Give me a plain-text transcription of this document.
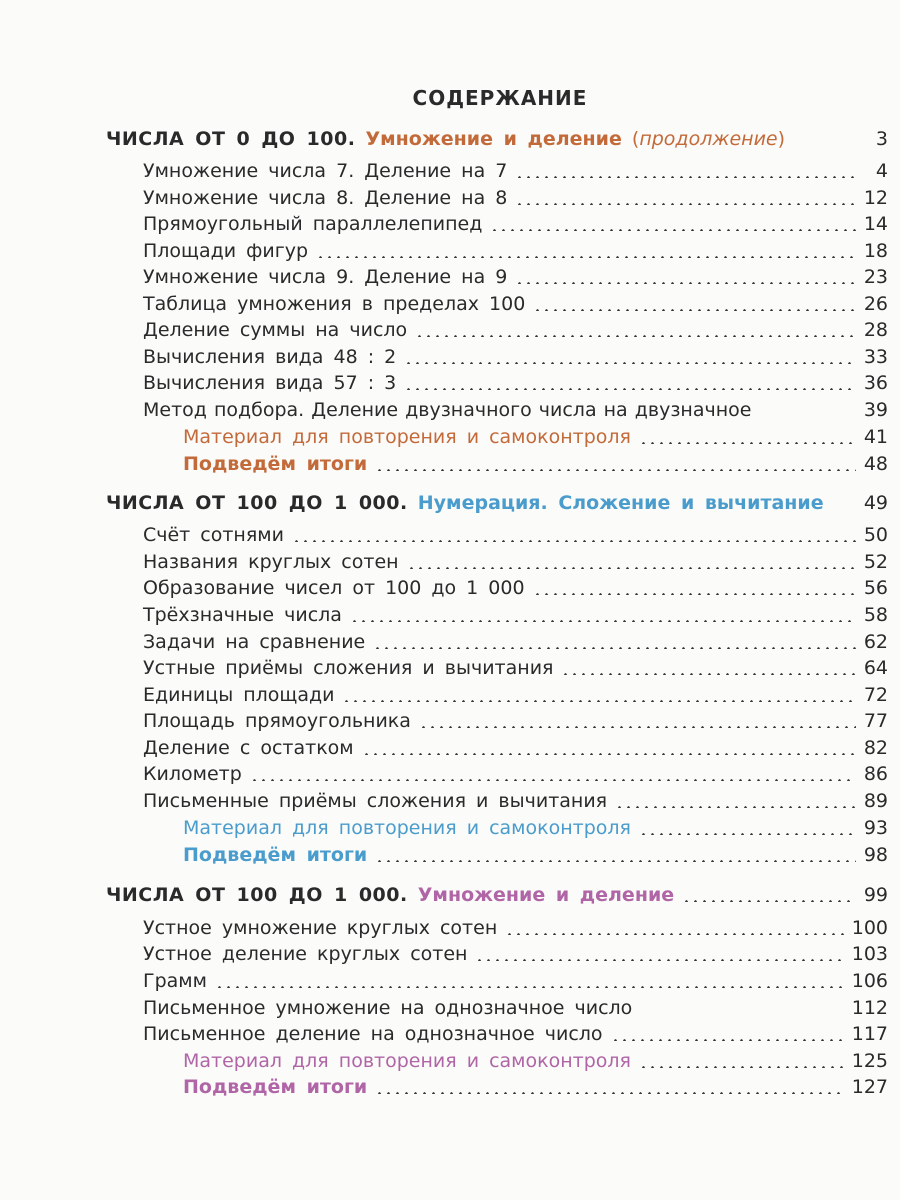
СОДЕРЖАНИЕ
ЧИСЛА ОТ 0 ДО 100. Умножение и деление (продолжение)	3
Умножение числа 7. Деление на 7	4
Умножение числа 8. Деление на 8	12
Прямоугольный параллелепипед	14
Площади фигур	18
Умножение числа 9. Деление на 9	23
Таблица умножения в пределах 100	26
Деление суммы на число	28
Вычисления вида 48 : 2	33
Вычисления вида 57 : 3	36
Метод подбора. Деление двузначного числа на двузначное	39
Материал для повторения и самоконтроля	41
Подведём итоги	48
ЧИСЛА ОТ 100 ДО 1 000. Нумерация. Сложение и вычитание 49
Счёт сотнями	50
Названия круглых сотен	52
Образование чисел от 100 до 1 000	56
Трёхзначные числа	58
Задачи на сравнение	62
Устные приёмы сложения и вычитания	64
Единицы площади	72
Площадь прямоугольника	77
Деление с остатком	82
Километр	86
Письменные приёмы сложения и вычитания	89
Материал для повторения и самоконтроля	93
Подведём итоги	98
ЧИСЛА ОТ 100 ДО 1 000. Умножение и деление	99
Устное умножение круглых сотен	100
Устное деление круглых сотен	103
Грамм	106
Письменное умножение на однозначное число	112
Письменное деление на однозначное число	117
Материал для повторения и самоконтроля	125
Подведём итоги	127
